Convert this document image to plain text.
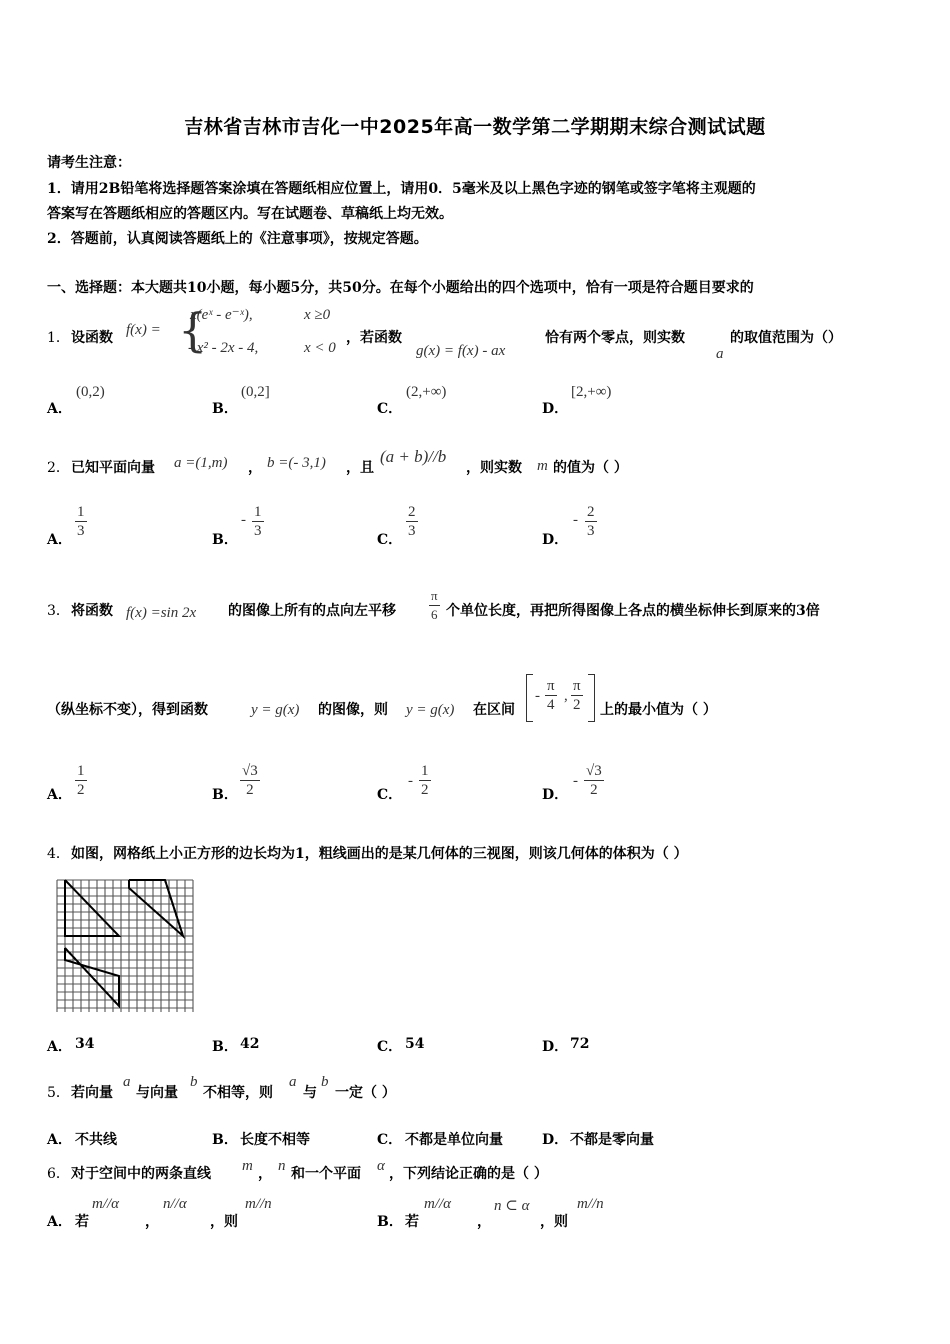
吉林省吉林市吉化一中2025年高一数学第二学期期末综合测试试题
请考生注意：
1．请用2B铅笔将选择题答案涂填在答题纸相应位置上，请用0．5毫米及以上黑色字迹的钢笔或签字笔将主观题的
答案写在答题纸相应的答题区内。写在试题卷、草稿纸上均无效。
2．答题前，认真阅读答题纸上的《注意事项》，按规定答题。
一、选择题：本大题共10小题，每小题5分，共50分。在每个小题给出的四个选项中，恰有一项是符合题目要求的
1． 设函数 f(x) = {
x(eˣ - e⁻ˣ),	x ≥0
- x² - 2x - 4,	x < 0
，若函数
g(x) = f(x) - ax
恰有两个零点，则实数
a
的取值范围为（）
A．
(0,2)
B．
(0,2]
C．
(2,+∞)
D．
[2,+∞)
2． 已知平面向量 a =(1,m) ， b =(- 3,1) ，且
(a + b)//b
，则实数 m 的值为（ ）
A．
1
3
B．
- 1
3
C．
2
3
D．
- 2
3
3． 将函数 f(x) =sin 2x 的图像上所有的点向左平移
π
6 个单位长度，再把所得图像上各点的横坐标伸长到原来的3倍
（纵坐标不变），得到函数	y = g(x) 的图像，则 y = g(x) 在区间
-
π
4
,
π
2 上的最小值为（ ）
A．
1
2	B．
√3
2	C．
-
1
2	D．
-
√3
2
4． 如图，网格纸上小正方形的边长均为1，粗线画出的是某几何体的三视图，则该几何体的体积为（ ）
A． 34	B． 42	C． 54	D． 72
5． 若向量
a
与向量
b
不相等，则
a
与
b
一定（ ）
A． 不共线	B． 长度不相等	C． 不都是单位向量	D． 不都是零向量
6． 对于空间中的两条直线 m ， n 和一个平面 α ，下列结论正确的是（ ）
A． 若
m//α
，
n//α
，则
m//n
B． 若
m//α
，
n ⊂ α
，则
m//n
